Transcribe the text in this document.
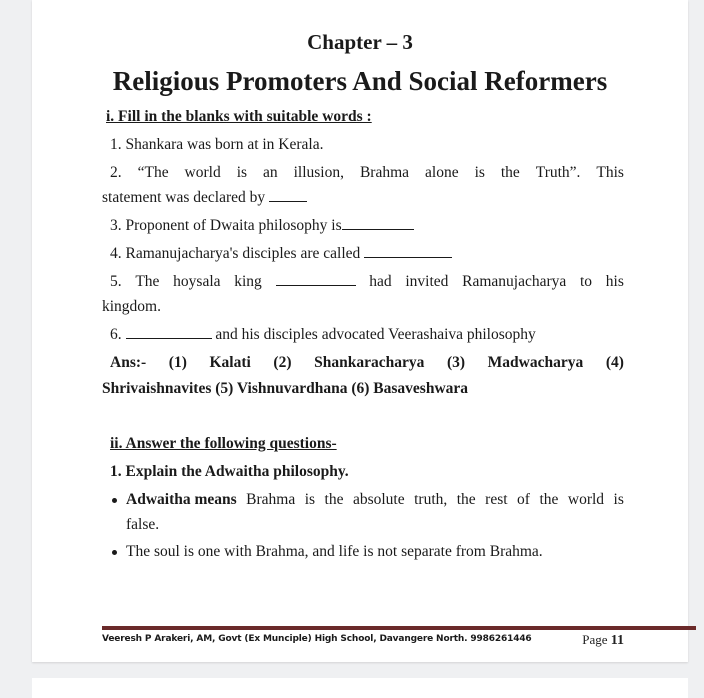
Chapter – 3
Religious Promoters And Social Reformers
i. Fill in the blanks with suitable words :
1. Shankara was born at in Kerala.
2. “The world is an illusion, Brahma alone is the Truth”. This
statement was declared by
3. Proponent of Dwaita philosophy is
4. Ramanujacharya's disciples are called
5. The hoysala king	had invited Ramanujacharya to his
kingdom.
6.	and his disciples advocated Veerashaiva philosophy
Ans:- (1) Kalati (2) Shankaracharya (3) Madwacharya (4)
Shrivaishnavites (5) Vishnuvardhana (6) Basaveshwara
ii. Answer the following questions-
1. Explain the Adwaitha philosophy.
Adwaitha means Brahma is the absolute truth, the rest of the world is
false.
The soul is one with Brahma, and life is not separate from Brahma.
Veeresh P Arakeri, AM, Govt (Ex Munciple) High School, Davangere North. 9986261446	Page 11
